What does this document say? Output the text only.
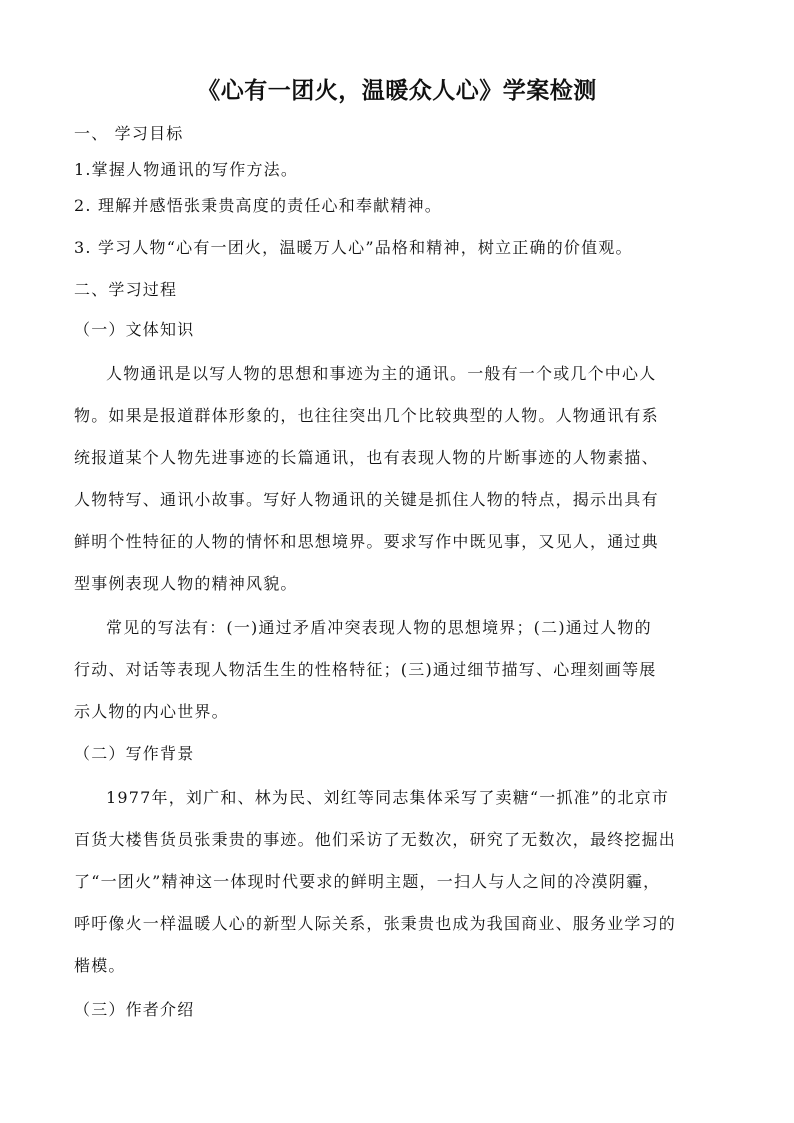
《心有一团火，温暖众人心》学案检测
一、 学习目标
1.掌握人物通讯的写作方法。
2. 理解并感悟张秉贵高度的责任心和奉献精神。
3. 学习人物“心有一团火，温暖万人心”品格和精神，树立正确的价值观。
二、学习过程
（一）文体知识
人物通讯是以写人物的思想和事迹为主的通讯。一般有一个或几个中心人
物。如果是报道群体形象的，也往往突出几个比较典型的人物。人物通讯有系
统报道某个人物先进事迹的长篇通讯，也有表现人物的片断事迹的人物素描、
人物特写、通讯小故事。写好人物通讯的关键是抓住人物的特点，揭示出具有
鲜明个性特征的人物的情怀和思想境界。要求写作中既见事，又见人，通过典
型事例表现人物的精神风貌。
常见的写法有：(一)通过矛盾冲突表现人物的思想境界；(二)通过人物的
行动、对话等表现人物活生生的性格特征；(三)通过细节描写、心理刻画等展
示人物的内心世界。
（二）写作背景
1977年，刘广和、林为民、刘红等同志集体采写了卖糖“一抓准”的北京市
百货大楼售货员张秉贵的事迹。他们采访了无数次，研究了无数次，最终挖掘出
了“一团火”精神这一体现时代要求的鲜明主题，一扫人与人之间的冷漠阴霾，
呼吁像火一样温暖人心的新型人际关系，张秉贵也成为我国商业、服务业学习的
楷模。
（三）作者介绍
